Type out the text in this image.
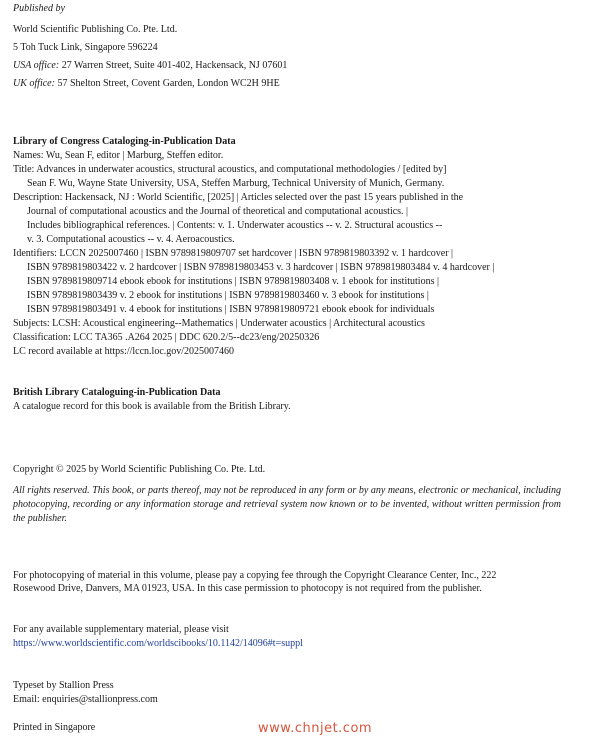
Published by
World Scientific Publishing Co. Pte. Ltd.
5 Toh Tuck Link, Singapore 596224
USA office: 27 Warren Street, Suite 401-402, Hackensack, NJ 07601
UK office: 57 Shelton Street, Covent Garden, London WC2H 9HE
Library of Congress Cataloging-in-Publication Data
Names: Wu, Sean F, editor | Marburg, Steffen editor.
Title: Advances in underwater acoustics, structural acoustics, and computational methodologies / [edited by]
Sean F. Wu, Wayne State University, USA, Steffen Marburg, Technical University of Munich, Germany.
Description: Hackensack, NJ : World Scientific, [2025] | Articles selected over the past 15 years published in the
Journal of computational acoustics and the Journal of theoretical and computational acoustics. |
Includes bibliographical references. | Contents: v. 1. Underwater acoustics -- v. 2. Structural acoustics --
v. 3. Computational acoustics -- v. 4. Aeroacoustics.
Identifiers: LCCN 2025007460 | ISBN 9789819809707 set hardcover | ISBN 9789819803392 v. 1 hardcover |
ISBN 9789819803422 v. 2 hardcover | ISBN 9789819803453 v. 3 hardcover | ISBN 9789819803484 v. 4 hardcover |
ISBN 9789819809714 ebook ebook for institutions | ISBN 9789819803408 v. 1 ebook for institutions |
ISBN 9789819803439 v. 2 ebook for institutions | ISBN 9789819803460 v. 3 ebook for institutions |
ISBN 9789819803491 v. 4 ebook for institutions | ISBN 9789819809721 ebook ebook for individuals
Subjects: LCSH: Acoustical engineering--Mathematics | Underwater acoustics | Architectural acoustics
Classification: LCC TA365 .A264 2025 | DDC 620.2/5--dc23/eng/20250326
LC record available at https://lccn.loc.gov/2025007460
British Library Cataloguing-in-Publication Data
A catalogue record for this book is available from the British Library.
Copyright © 2025 by World Scientific Publishing Co. Pte. Ltd.
All rights reserved. This book, or parts thereof, may not be reproduced in any form or by any means, electronic or mechanical, including photocopying, recording or any information storage and retrieval system now known or to be invented, without written permission from the publisher.
For photocopying of material in this volume, please pay a copying fee through the Copyright Clearance Center, Inc., 222
Rosewood Drive, Danvers, MA 01923, USA. In this case permission to photocopy is not required from the publisher.
For any available supplementary material, please visit
https://www.worldscientific.com/worldscibooks/10.1142/14096#t=suppl
Typeset by Stallion Press
Email: enquiries@stallionpress.com
Printed in Singapore	www.chnjet.com
